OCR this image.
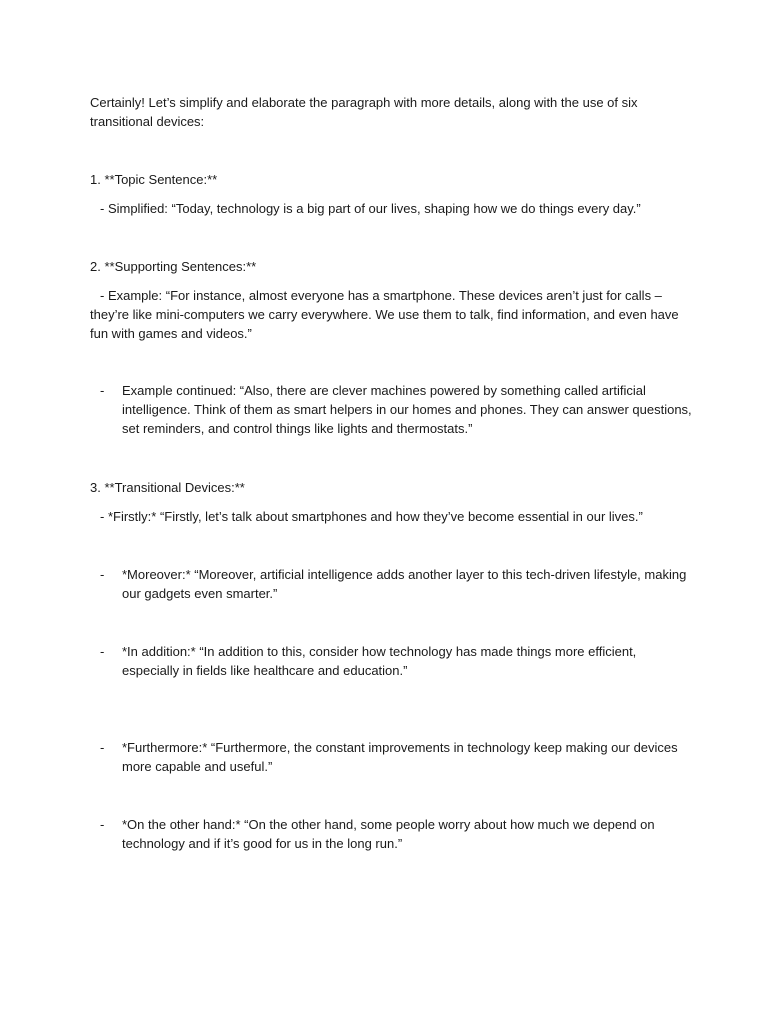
Certainly! Let’s simplify and elaborate the paragraph with more details, along with the use of six transitional devices:

1. **Topic Sentence:**

- Simplified: “Today, technology is a big part of our lives, shaping how we do things every day.”

2. **Supporting Sentences:**

- Example: “For instance, almost everyone has a smartphone. These devices aren’t just for calls – they’re like mini-computers we carry everywhere. We use them to talk, find information, and even have fun with games and videos.”

- Example continued: “Also, there are clever machines powered by something called artificial intelligence. Think of them as smart helpers in our homes and phones. They can answer questions, set reminders, and control things like lights and thermostats.”

3. **Transitional Devices:**

- *Firstly:* “Firstly, let’s talk about smartphones and how they’ve become essential in our lives.”

- *Moreover:* “Moreover, artificial intelligence adds another layer to this tech-driven lifestyle, making our gadgets even smarter.”

- *In addition:* “In addition to this, consider how technology has made things more efficient, especially in fields like healthcare and education.”

- *Furthermore:* “Furthermore, the constant improvements in technology keep making our devices more capable and useful.”

- *On the other hand:* “On the other hand, some people worry about how much we depend on technology and if it’s good for us in the long run.”
